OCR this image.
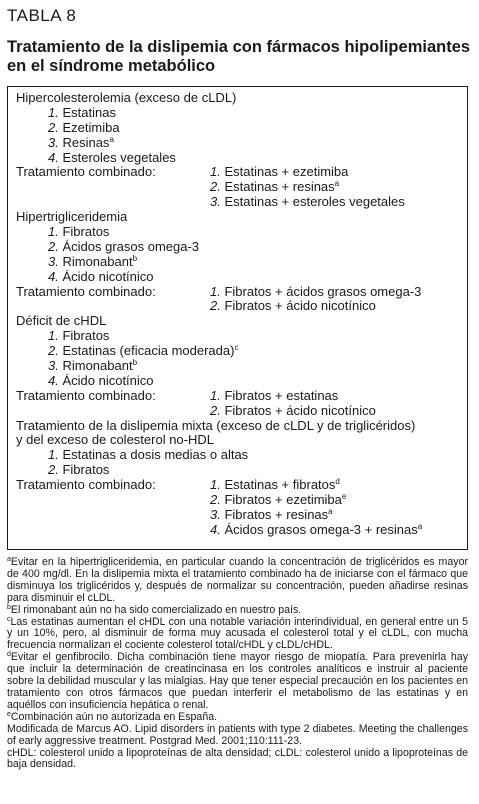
TABLA 8
Tratamiento de la dislipemia con fármacos hipolipemiantes en el síndrome metabólico
Hipercolesterolemia (exceso de cLDL)
1. Estatinas
2. Ezetimiba
3. Resinas$^a$
4. Esteroles vegetales
Tratamiento combinado:	1. Estatinas + ezetimiba
2. Estatinas + resinas$^a$
3. Estatinas + esteroles vegetales
Hipertrigliceridemia
1. Fibratos
2. Ácidos grasos omega-3
3. Rimonabant$^b$
4. Ácido nicotínico
Tratamiento combinado:	1. Fibratos + ácidos grasos omega-3
2. Fibratos + ácido nicotínico
Déficit de cHDL
1. Fibratos
2. Estatinas (eficacia moderada)$^c$
3. Rimonabant$^b$
4. Ácido nicotínico
Tratamiento combinado:	1. Fibratos + estatinas
2. Fibratos + ácido nicotínico
Tratamiento de la dislipemia mixta (exceso de cLDL y de triglicéridos)
y del exceso de colesterol no-HDL
1. Estatinas a dosis medias o altas
2. Fibratos
Tratamiento combinado:	1. Estatinas + fibratos$^d$
2. Fibratos + ezetimiba$^e$
3. Fibratos + resinas$^a$
4. Ácidos grasos omega-3 + resinas$^a$

$^a$Evitar en la hipertrigliceridemia, en particular cuando la concentración de triglicéridos es mayor de 400 mg/dl. En la dislipemia mixta el tratamiento combinado ha de iniciarse con el fármaco que disminuya los triglicéridos y, después de normalizar su concentración, pueden añadirse resinas para disminuir el cLDL.

$^b$El rimonabant aún no ha sido comercializado en nuestro país.

$^c$Las estatinas aumentan el cHDL con una notable variación interindividual, en general entre un 5 y un 10%, pero, al disminuir de forma muy acusada el colesterol total y el cLDL, con mucha frecuencia normalizan el cociente colesterol total/cHDL y cLDL/cHDL.

$^d$Evitar el genfibrocilo. Dicha combinación tiene mayor riesgo de miopatía. Para prevenirla hay que incluir la determinación de creatincinasa en los controles analíticos e instruir al paciente sobre la debilidad muscular y las mialgias. Hay que tener especial precaución en los pacientes en tratamiento con otros fármacos que puedan interferir el metabolismo de las estatinas y en aquéllos con insuficiencia hepática o renal.

$^e$Combinación aún no autorizada en España.

Modificada de Marcus AO. Lipid disorders in patients with type 2 diabetes. Meeting the challenges of early aggressive treatment. Postgrad Med. 2001;110:111-23.

cHDL: colesterol unido a lipoproteínas de alta densidad; cLDL: colesterol unido a lipoproteínas de baja densidad.
